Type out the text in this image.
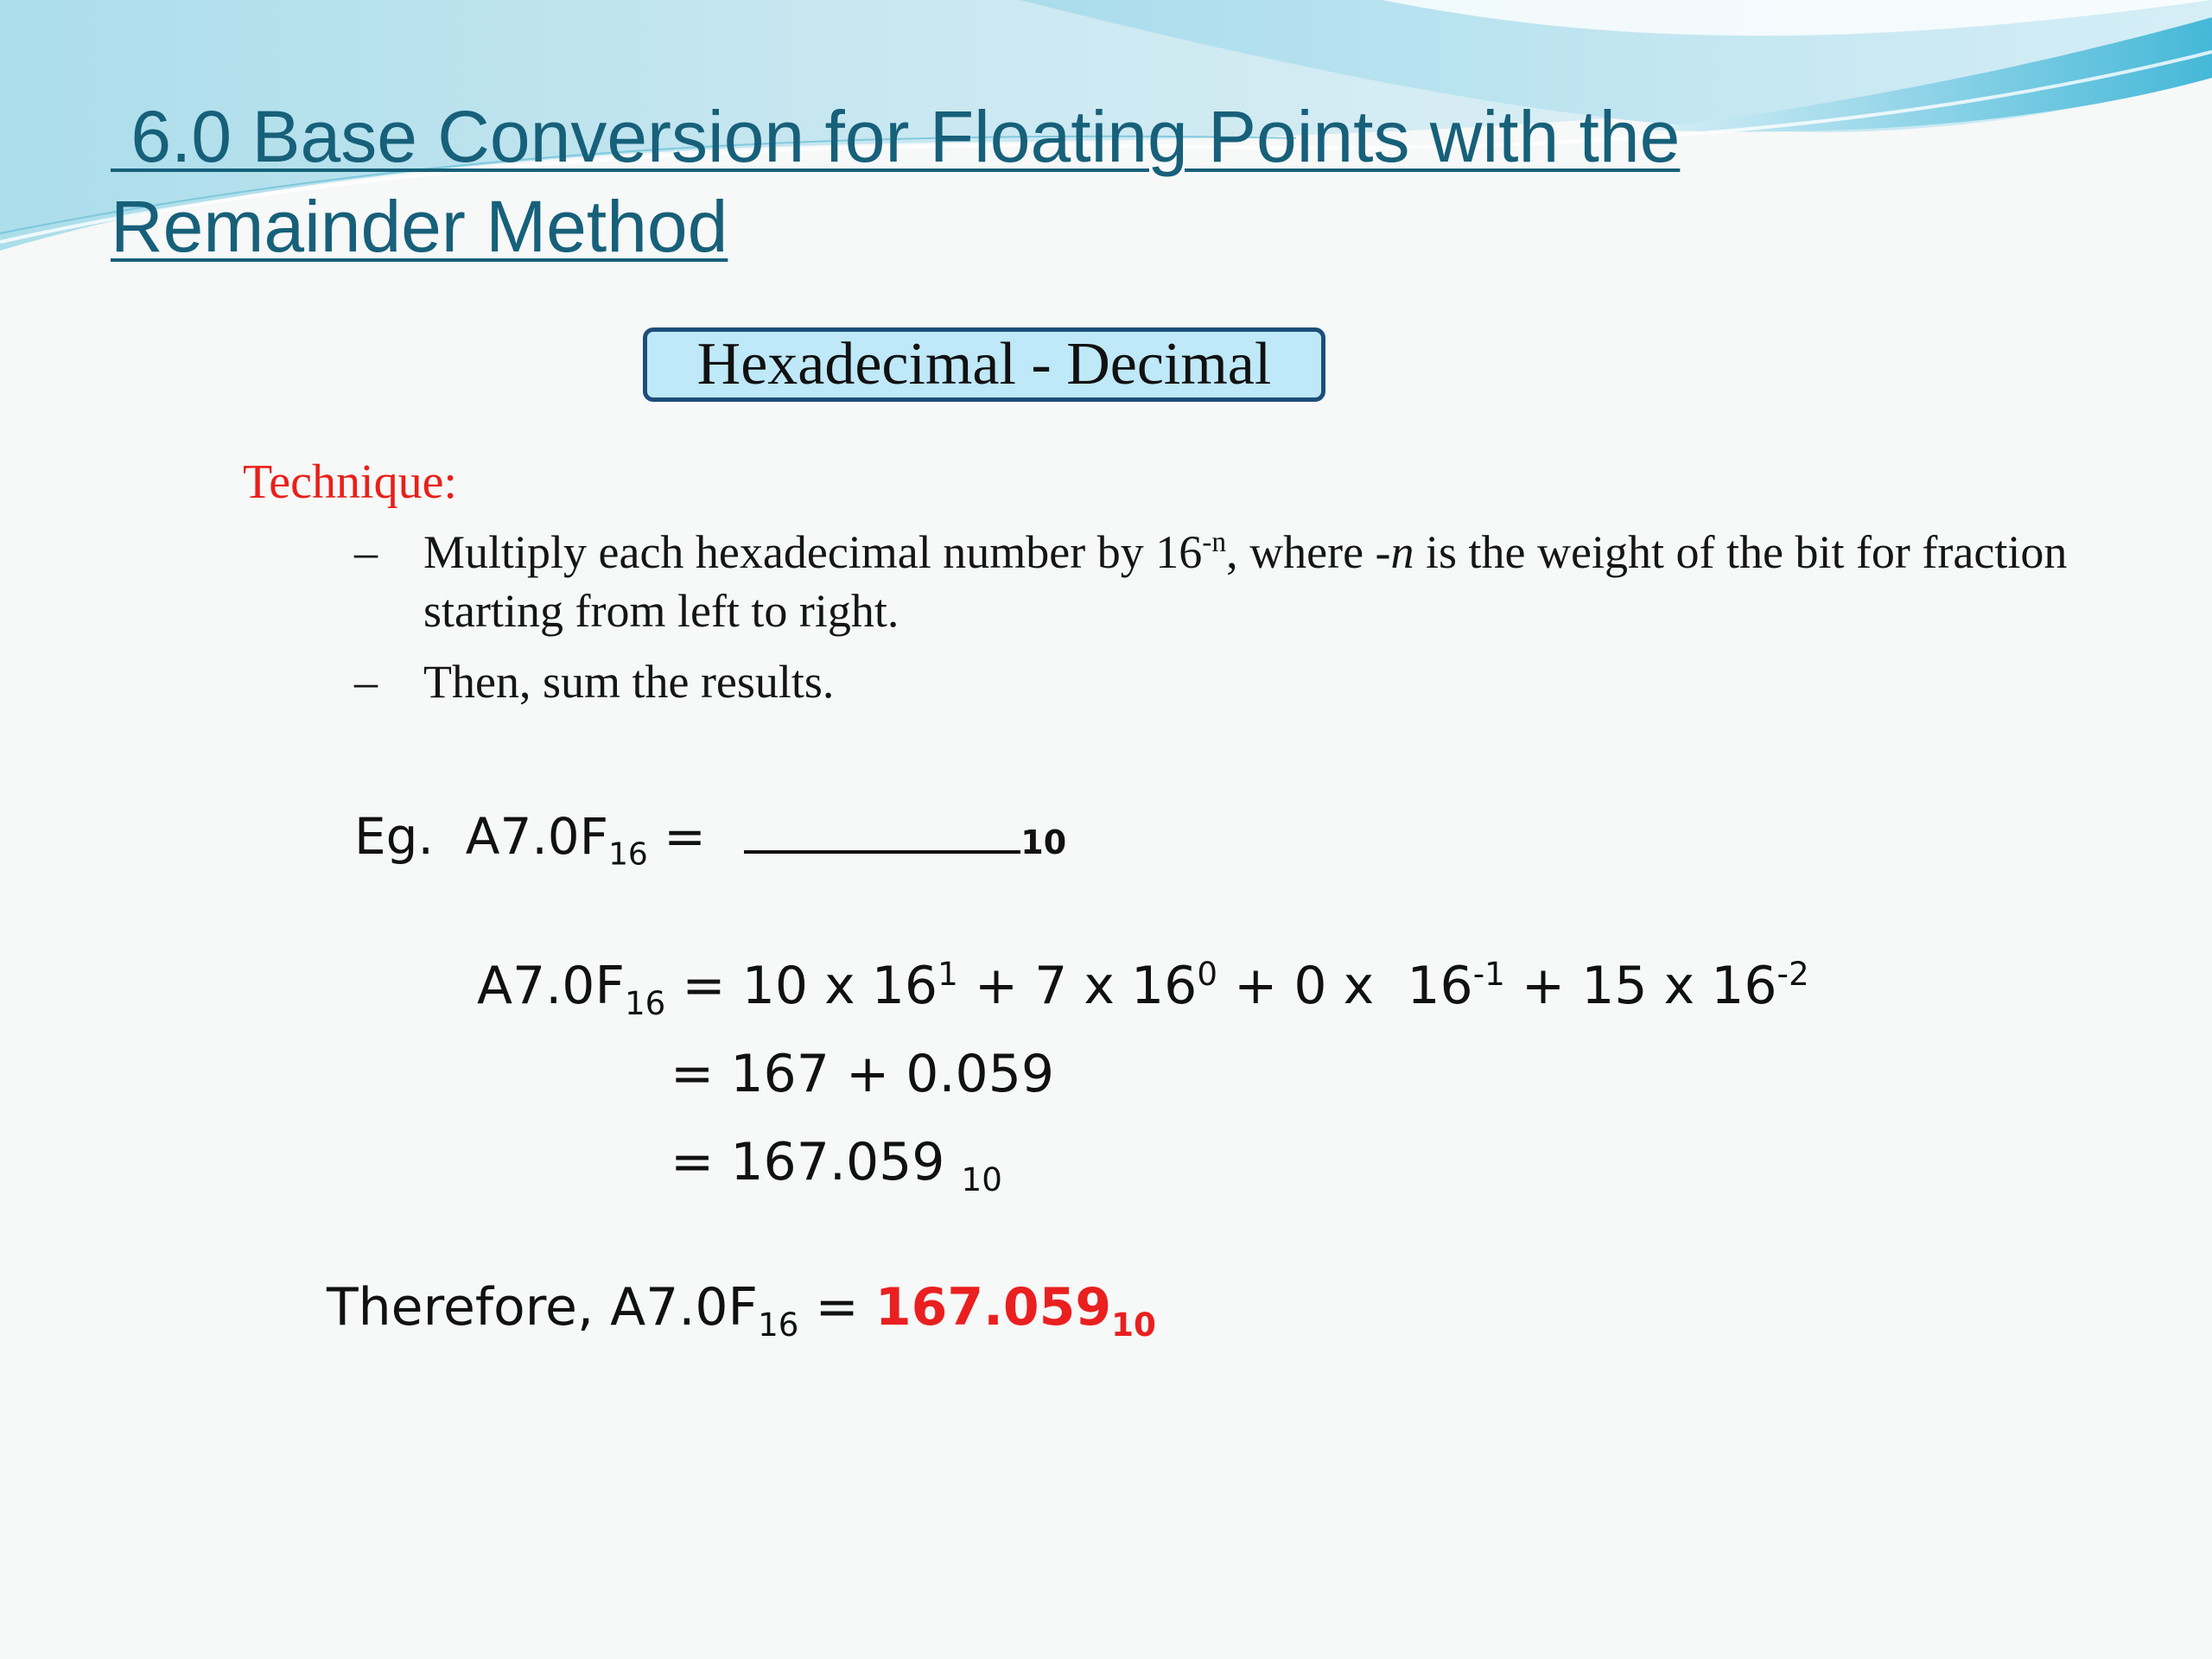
6.0 Base Conversion for Floating Points with the
Remainder Method
Hexadecimal - Decimal
Technique:
– Multiply each hexadecimal number by $16^{-n}$, where -n is the weight of the bit for fraction starting from left to right.
– Then, sum the results.
Eg.  $A7.0F_{16}$ =	10
$A7.0F_{16} = 10$ x $16^1 + 7$ x $16^0 + 0$ x  $16^{-1} + 15$ x $16^{-2}$
= 167 + 0.059
= 167.059 $_{10}$
Therefore, $A7.0F_{16} = 167.059_{10}$
